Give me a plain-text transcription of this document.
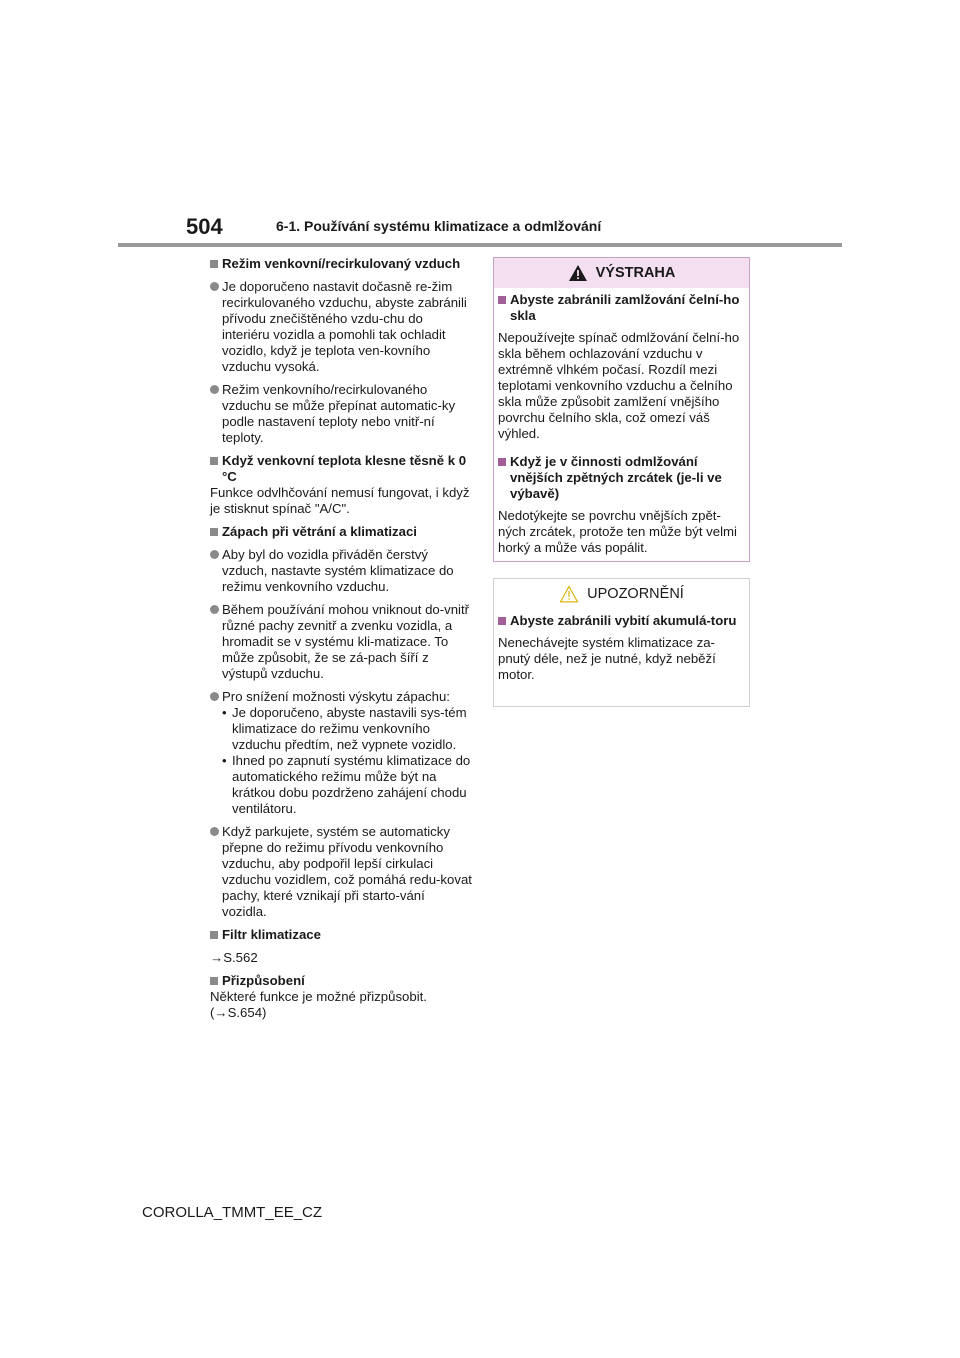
504	6-1. Používání systému klimatizace a odmlžování
Režim venkovní/recirkulovaný vzduch
Je doporučeno nastavit dočasně re-žim recirkulovaného vzduchu, abyste zabránili přívodu znečištěného vzdu-chu do interiéru vozidla a pomohli tak ochladit vozidlo, když je teplota ven-kovního vzduchu vysoká.
Režim venkovního/recirkulovaného vzduchu se může přepínat automatic-ky podle nastavení teploty nebo vnitř-ní teploty.
Když venkovní teplota klesne těsně k 0 °C
Funkce odvlhčování nemusí fungovat, i když je stisknut spínač "A/C".
Zápach při větrání a klimatizaci
Aby byl do vozidla přiváděn čerstvý vzduch, nastavte systém klimatizace do režimu venkovního vzduchu.
Během používání mohou vniknout do-vnitř různé pachy zevnitř a zvenku vozidla, a hromadit se v systému kli-matizace. To může způsobit, že se zá-pach šíří z výstupů vzduchu.
Pro snížení možnosti výskytu zápachu:
• Je doporučeno, abyste nastavili sys-tém klimatizace do režimu venkovního vzduchu předtím, než vypnete vozidlo.
• Ihned po zapnutí systému klimatizace do automatického režimu může být na krátkou dobu pozdrženo zahájení chodu ventilátoru.
Když parkujete, systém se automaticky přepne do režimu přívodu venkovního vzduchu, aby podpořil lepší cirkulaci vzduchu vozidlem, což pomáhá redu-kovat pachy, které vznikají při starto-vání vozidla.
Filtr klimatizace
→S.562
Přizpůsobení
Některé funkce je možné přizpůsobit. (→S.654)
VÝSTRAHA
Abyste zabránili zamlžování čelní-ho skla
Nepoužívejte spínač odmlžování čelní-ho skla během ochlazování vzduchu v extrémně vlhkém počasí. Rozdíl mezi teplotami venkovního vzduchu a čelního skla může způsobit zamlžení vnějšího povrchu čelního skla, což omezí váš výhled.
Když je v činnosti odmlžování vnějších zpětných zrcátek (je-li ve výbavě)
Nedotýkejte se povrchu vnějších zpět-ných zrcátek, protože ten může být velmi horký a může vás popálit.
UPOZORNĚNÍ
Abyste zabránili vybití akumulá-toru
Nenechávejte systém klimatizace za-pnutý déle, než je nutné, když neběží motor.
COROLLA_TMMT_EE_CZ
